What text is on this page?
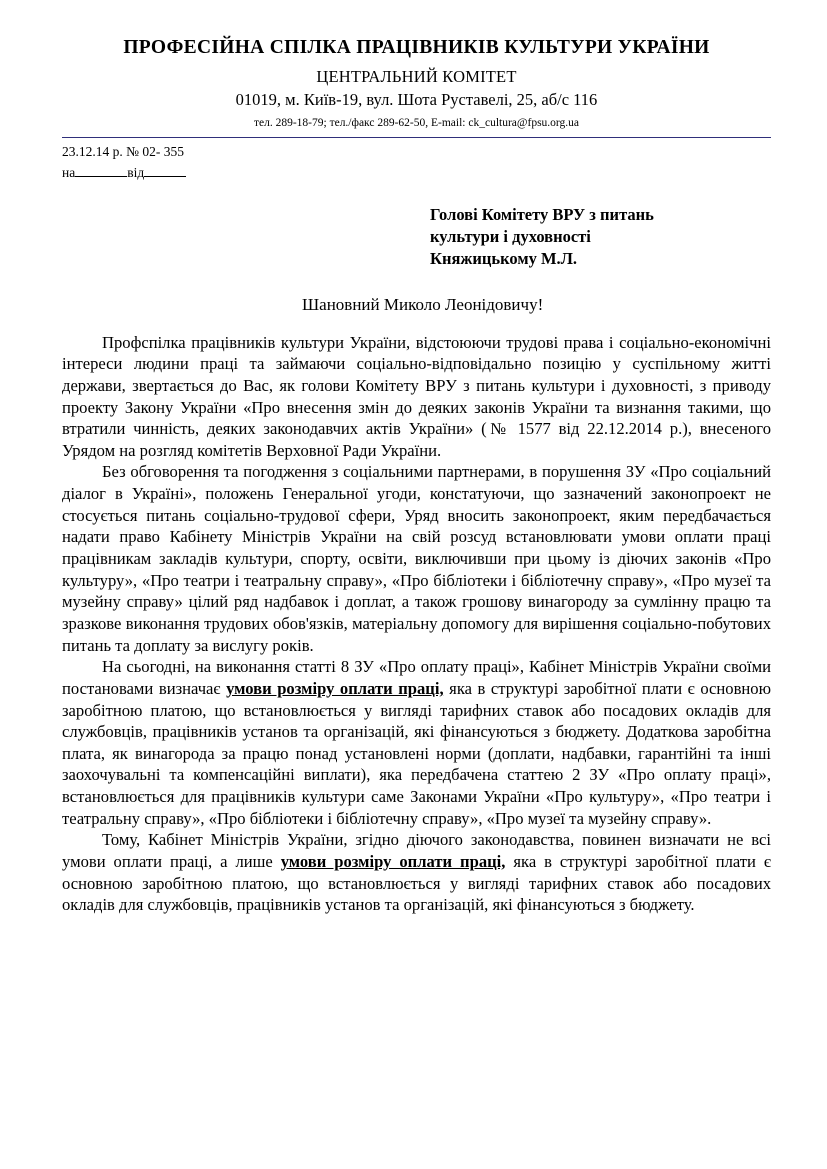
ПРОФЕСІЙНА СПІЛКА ПРАЦІВНИКІВ КУЛЬТУРИ УКРАЇНИ
ЦЕНТРАЛЬНИЙ КОМІТЕТ
01019, м. Київ-19, вул. Шота Руставелі, 25, аб/с 116
тел. 289-18-79; тел./факс 289-62-50, E-mail: ck_cultura@fpsu.org.ua
23.12.14 р. № 02- 355
на	від
Голові Комітету ВРУ з питань
культури і духовності
Княжицькому М.Л.
Шановний Миколо Леонідовичу!

Профспілка працівників культури України, відстоюючи трудові права і соціально-економічні інтереси людини праці та займаючи соціально-відповідально позицію у суспільному житті держави, звертається до Вас, як голови Комітету ВРУ з питань культури і духовності, з приводу проекту Закону України «Про внесення змін до деяких законів України та визнання такими, що втратили чинність, деяких законодавчих актів України» (№ 1577 від 22.12.2014 р.), внесеного Урядом на розгляд комітетів Верховної Ради України.

Без обговорення та погодження з соціальними партнерами, в порушення ЗУ «Про соціальний діалог в Україні», положень Генеральної угоди, констатуючи, що зазначений законопроект не стосується питань соціально-трудової сфери, Уряд вносить законопроект, яким передбачається надати право Кабінету Міністрів України на свій розсуд встановлювати умови оплати праці працівникам закладів культури, спорту, освіти, виключивши при цьому із діючих законів «Про культуру», «Про театри і театральну справу», «Про бібліотеки і бібліотечну справу», «Про музеї та музейну справу» цілий ряд надбавок і доплат, а також грошову винагороду за сумлінну працю та зразкове виконання трудових обов'язків, матеріальну допомогу для вирішення соціально-побутових питань та доплату за вислугу років.

На сьогодні, на виконання статті 8 ЗУ «Про оплату праці», Кабінет Міністрів України своїми постановами визначає умови розміру оплати праці, яка в структурі заробітної плати є основною заробітною платою, що встановлюється у вигляді тарифних ставок або посадових окладів для службовців, працівників установ та організацій, які фінансуються з бюджету. Додаткова заробітна плата, як винагорода за працю понад установлені норми (доплати, надбавки, гарантійні та інші заохочувальні та компенсаційні виплати), яка передбачена статтею 2 ЗУ «Про оплату праці», встановлюється для працівників культури саме Законами України «Про культуру», «Про театри і театральну справу», «Про бібліотеки і бібліотечну справу», «Про музеї та музейну справу».

Тому, Кабінет Міністрів України, згідно діючого законодавства, повинен визначати не всі умови оплати праці, а лише умови розміру оплати праці, яка в структурі заробітної плати є основною заробітною платою, що встановлюється у вигляді тарифних ставок або посадових окладів для службовців, працівників установ та організацій, які фінансуються з бюджету.
